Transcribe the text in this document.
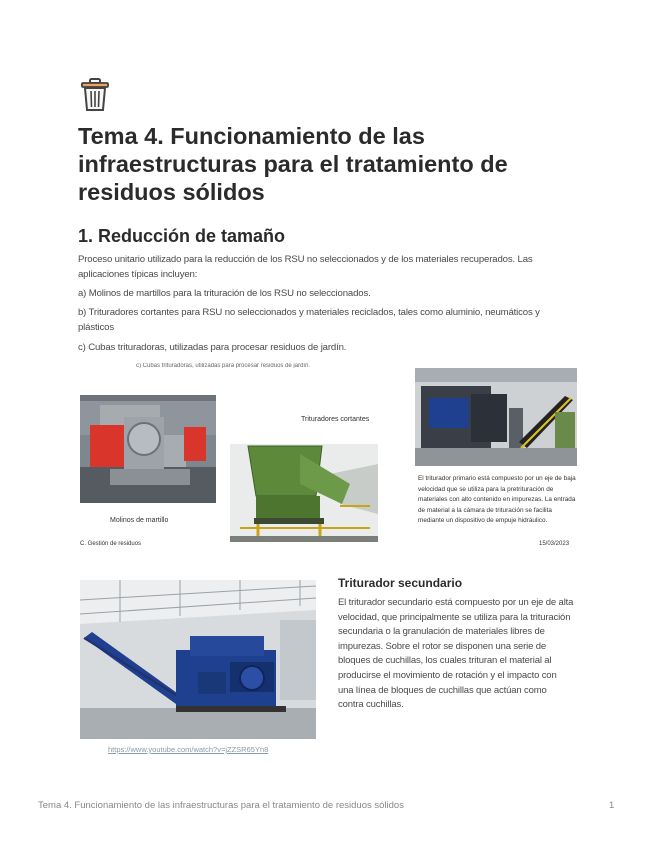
Tema 4. Funcionamiento de las infraestructuras para el tratamiento de residuos sólidos
1. Reducción de tamaño

Proceso unitario utilizado para la reducción de los RSU no seleccionados y de los materiales recuperados. Las aplicaciones típicas incluyen:

a) Molinos de martillos para la trituración de los RSU no seleccionados.

b) Trituradores cortantes para RSU no seleccionados y materiales reciclados, tales como aluminio, neumáticos y plásticos

c) Cubas trituradoras, utilizadas para procesar residuos de jardín.

c) Cubas trituradoras, utilizadas para procesar residuos de jardín.
Molinos de martillo
C. Gestión de residuos
Trituradores cortantes
El triturador primario está compuesto por un eje de baja velocidad que se utiliza para la pretrituración de materiales con alto contenido en impurezas. La entrada de material a la cámara de trituración se facilita mediante un dispositivo de empuje hidráulico.
15/03/2023
Triturador secundario

El triturador secundario está compuesto por un eje de alta velocidad, que principalmente se utiliza para la trituración secundaria o la granulación de materiales libres de impurezas. Sobre el rotor se disponen una serie de bloques de cuchillas, los cuales trituran el material al producirse el movimiento de rotación y el impacto con una línea de bloques de cuchillas que actúan como contra cuchillas.

https://www.youtube.com/watch?v=jZZSR65Yn8
Tema 4. Funcionamiento de las infraestructuras para el tratamiento de residuos sólidos	1
